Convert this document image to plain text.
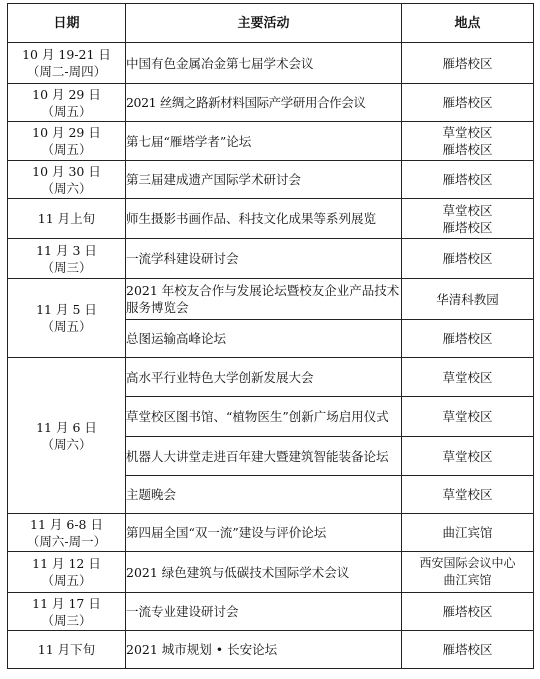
日期	主要活动	地点

10 月 19-21 日
（周二-周四）	中国有色金属冶金第七届学术会议	雁塔校区

10 月 29 日
（周五）	2021 丝绸之路新材料国际产学研用合作会议	雁塔校区

10 月 29 日
（周五）	第七届“雁塔学者”论坛	草堂校区
雁塔校区

10 月 30 日
（周六）	第三届建成遗产国际学术研讨会	雁塔校区

11 月上旬	师生摄影书画作品、科技文化成果等系列展览	草堂校区
雁塔校区

11 月 3 日
（周三）	一流学科建设研讨会	雁塔校区

11 月 5 日
（周五）	2021 年校友合作与发展论坛暨校友企业产品技术服务博览会	华清科教园

	总图运输高峰论坛	雁塔校区

11 月 6 日
（周六）	高水平行业特色大学创新发展大会	草堂校区

	草堂校区图书馆、“植物医生”创新广场启用仪式	草堂校区

	机器人大讲堂走进百年建大暨建筑智能装备论坛	草堂校区

	主题晚会	草堂校区

11 月 6-8 日
（周六-周一）	第四届全国“双一流”建设与评价论坛	曲江宾馆

11 月 12 日
（周五）	2021 绿色建筑与低碳技术国际学术会议	西安国际会议中心
曲江宾馆

11 月 17 日
（周三）	一流专业建设研讨会	雁塔校区

11 月下旬	2021 城市规划 • 长安论坛	雁塔校区
